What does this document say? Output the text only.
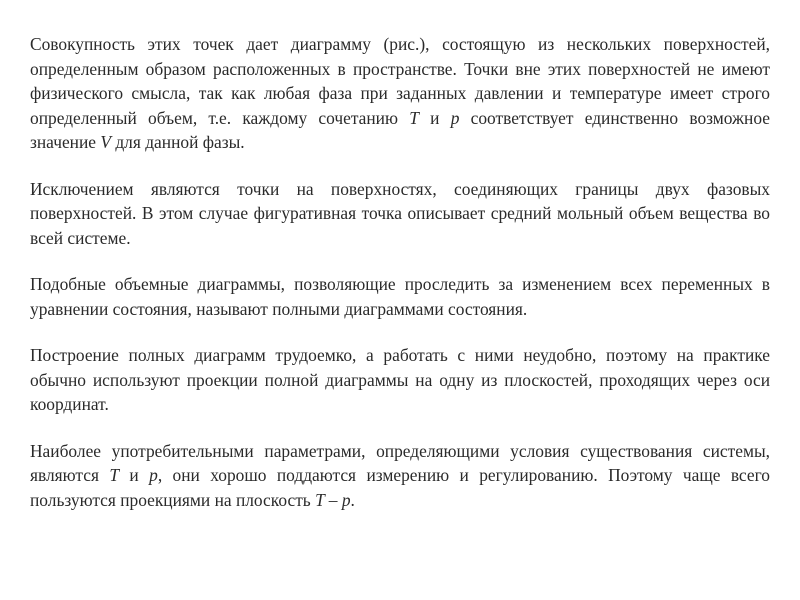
Совокупность этих точек дает диаграмму (рис.), состоящую из нескольких поверхностей, определенным образом расположенных в пространстве. Точки вне этих поверхностей не имеют физического смысла, так как любая фаза при заданных давлении и температуре имеет строго определенный объем, т.е. каждому сочетанию T и p соответствует единственно возможное значение V для данной фазы.

Исключением являются точки на поверхностях, соединяющих границы двух фазовых поверхностей. В этом случае фигуративная точка описывает средний мольный объем вещества во всей системе.

Подобные объемные диаграммы, позволяющие проследить за изменением всех переменных в уравнении состояния, называют полными диаграммами состояния.

Построение полных диаграмм трудоемко, а работать с ними неудобно, поэтому на практике обычно используют проекции полной диаграммы на одну из плоскостей, проходящих через оси координат.

Наиболее употребительными параметрами, определяющими условия существования системы, являются T и p, они хорошо поддаются измерению и регулированию. Поэтому чаще всего пользуются проекциями на плоскость T – p.
